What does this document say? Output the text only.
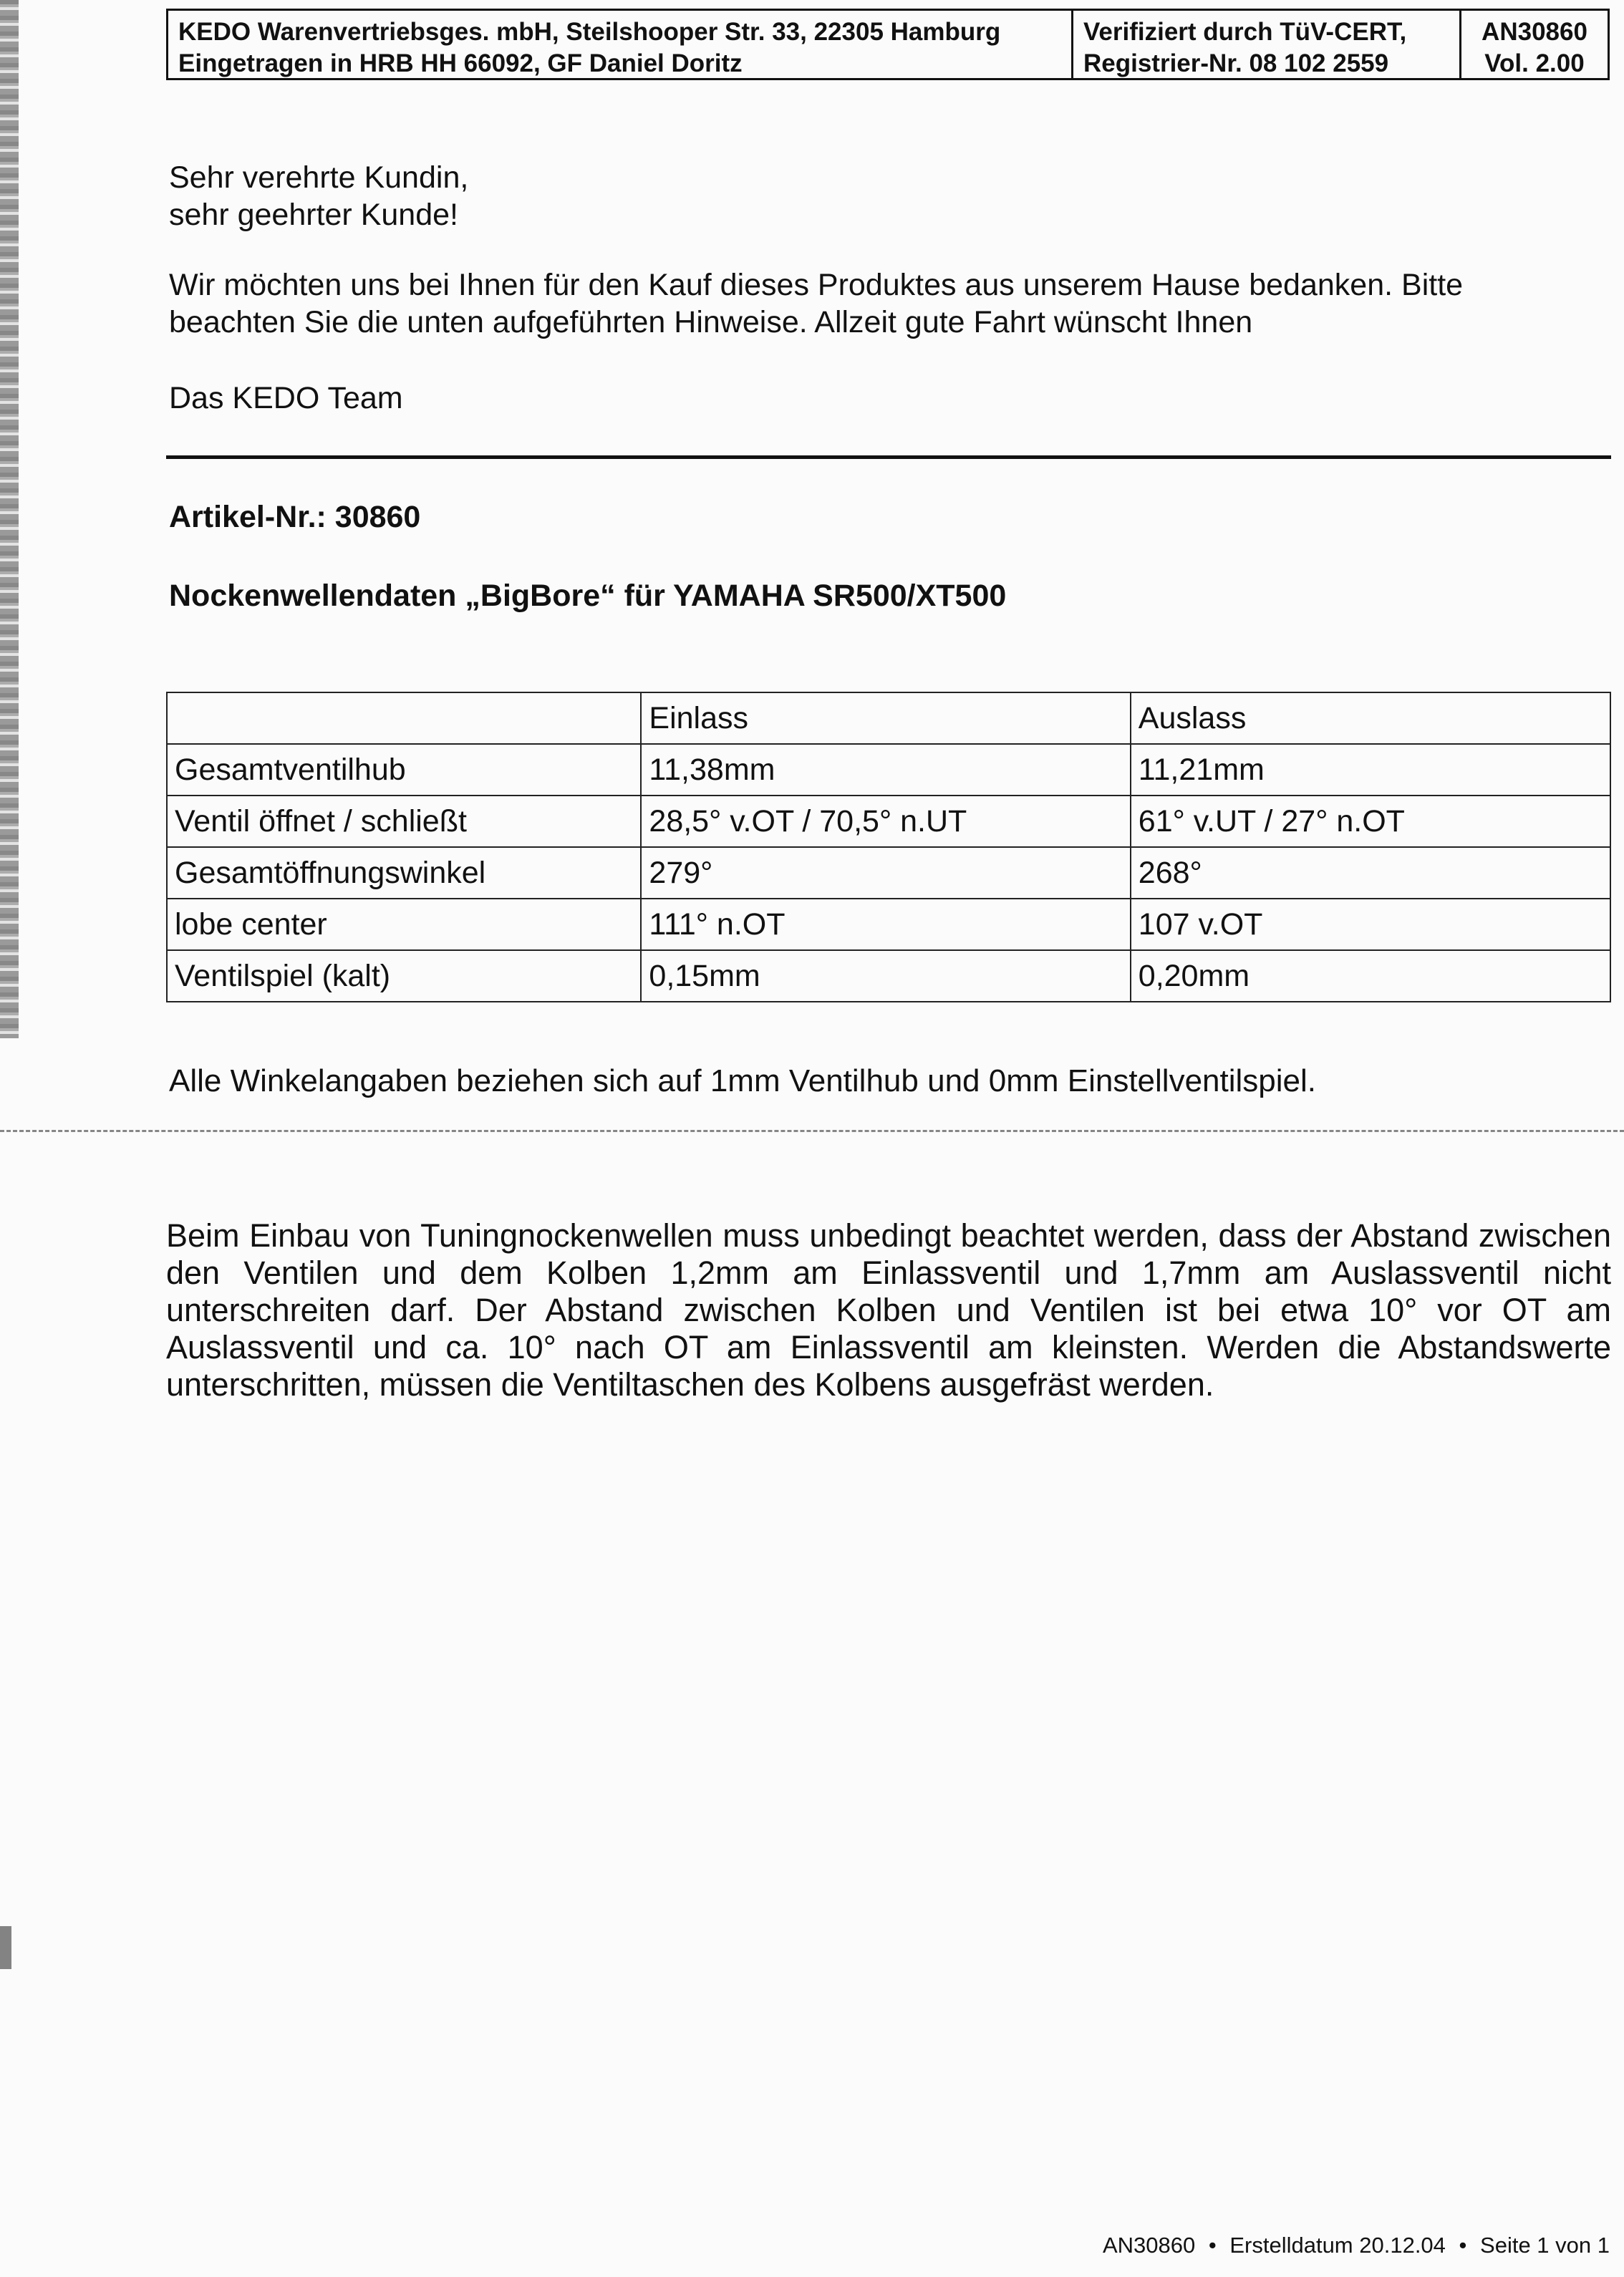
KEDO Warenvertriebsges. mbH, Steilshooper Str. 33, 22305 Hamburg
Eingetragen in HRB HH 66092, GF Daniel Doritz
Verifiziert durch TüV-CERT,
Registrier-Nr. 08 102 2559
AN30860
Vol. 2.00
Sehr verehrte Kundin,
sehr geehrter Kunde!
Wir möchten uns bei Ihnen für den Kauf dieses Produktes aus unserem Hause bedanken. Bitte
beachten Sie die unten aufgeführten Hinweise. Allzeit gute Fahrt wünscht Ihnen
Das KEDO Team
Artikel-Nr.: 30860
Nockenwellendaten „BigBore“ für YAMAHA SR500/XT500
	Einlass	Auslass
Gesamtventilhub	11,38mm	11,21mm
Ventil öffnet / schließt	28,5° v.OT / 70,5° n.UT	61° v.UT / 27° n.OT
Gesamtöffnungswinkel	279°	268°
lobe center	111° n.OT	107 v.OT
Ventilspiel (kalt)	0,15mm	0,20mm
Alle Winkelangaben beziehen sich auf 1mm Ventilhub und 0mm Einstellventilspiel.
Beim Einbau von Tuningnockenwellen muss unbedingt beachtet werden, dass der Abstand zwischen den Ventilen und dem Kolben 1,2mm am Einlassventil und 1,7mm am Auslassventil nicht unterschreiten darf. Der Abstand zwischen Kolben und Ventilen ist bei etwa 10° vor OT am Auslassventil und ca. 10° nach OT am Einlassventil am kleinsten. Werden die Abstandswerte unterschritten, müssen die Ventiltaschen des Kolbens ausgefräst werden.
AN30860 • Erstelldatum 20.12.04 • Seite 1 von 1
